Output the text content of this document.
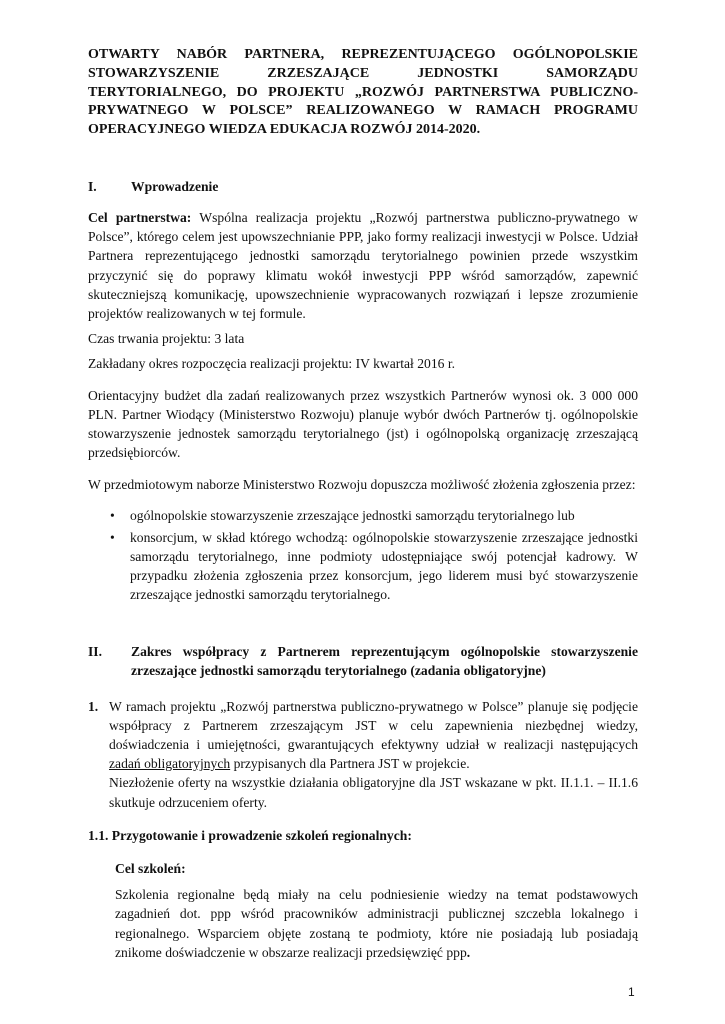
OTWARTY NABÓR PARTNERA, REPREZENTUJĄCEGO OGÓLNOPOLSKIE STOWARZYSZENIE ZRZESZAJĄCE JEDNOSTKI SAMORZĄDU TERYTORIALNEGO, DO PROJEKTU „ROZWÓJ PARTNERSTWA PUBLICZNO-PRYWATNEGO W POLSCE” REALIZOWANEGO W RAMACH PROGRAMU OPERACYJNEGO WIEDZA EDUKACJA ROZWÓJ 2014-2020.

I.	Wprowadzenie

Cel partnerstwa: Wspólna realizacja projektu „Rozwój partnerstwa publiczno-prywatnego w Polsce”, którego celem jest upowszechnianie PPP, jako formy realizacji inwestycji w Polsce. Udział Partnera reprezentującego jednostki samorządu terytorialnego powinien przede wszystkim przyczynić się do poprawy klimatu wokół inwestycji PPP wśród samorządów, zapewnić skuteczniejszą komunikację, upowszechnienie wypracowanych rozwiązań i lepsze zrozumienie projektów realizowanych w tej formule.

Czas trwania projektu: 3 lata

Zakładany okres rozpoczęcia realizacji projektu: IV kwartał 2016 r.

Orientacyjny budżet dla zadań realizowanych przez wszystkich Partnerów wynosi ok. 3 000 000 PLN. Partner Wiodący (Ministerstwo Rozwoju) planuje wybór dwóch Partnerów tj. ogólnopolskie stowarzyszenie jednostek samorządu terytorialnego (jst) i ogólnopolską organizację zrzeszającą przedsiębiorców.

W przedmiotowym naborze Ministerstwo Rozwoju dopuszcza możliwość złożenia zgłoszenia przez:

• ogólnopolskie stowarzyszenie zrzeszające jednostki samorządu terytorialnego lub
• konsorcjum, w skład którego wchodzą: ogólnopolskie stowarzyszenie zrzeszające jednostki samorządu terytorialnego, inne podmioty udostępniające swój potencjał kadrowy. W przypadku złożenia zgłoszenia przez konsorcjum, jego liderem musi być stowarzyszenie zrzeszające jednostki samorządu terytorialnego.
II.	Zakres współpracy z Partnerem reprezentującym ogólnopolskie stowarzyszenie zrzeszające jednostki samorządu terytorialnego (zadania obligatoryjne)
1. W ramach projektu „Rozwój partnerstwa publiczno-prywatnego w Polsce” planuje się podjęcie współpracy z Partnerem zrzeszającym JST w celu zapewnienia niezbędnej wiedzy, doświadczenia i umiejętności, gwarantujących efektywny udział w realizacji następujących zadań obligatoryjnych przypisanych dla Partnera JST w projekcie.

Niezłożenie oferty na wszystkie działania obligatoryjne dla JST wskazane w pkt. II.1.1. – II.1.6 skutkuje odrzuceniem oferty.

1.1. Przygotowanie i prowadzenie szkoleń regionalnych:

Cel szkoleń:

Szkolenia regionalne będą miały na celu podniesienie wiedzy na temat podstawowych zagadnień dot. ppp wśród pracowników administracji publicznej szczebla lokalnego i regionalnego. Wsparciem objęte zostaną te podmioty, które nie posiadają lub posiadają znikome doświadczenie w obszarze realizacji przedsięwzięć ppp.

1
